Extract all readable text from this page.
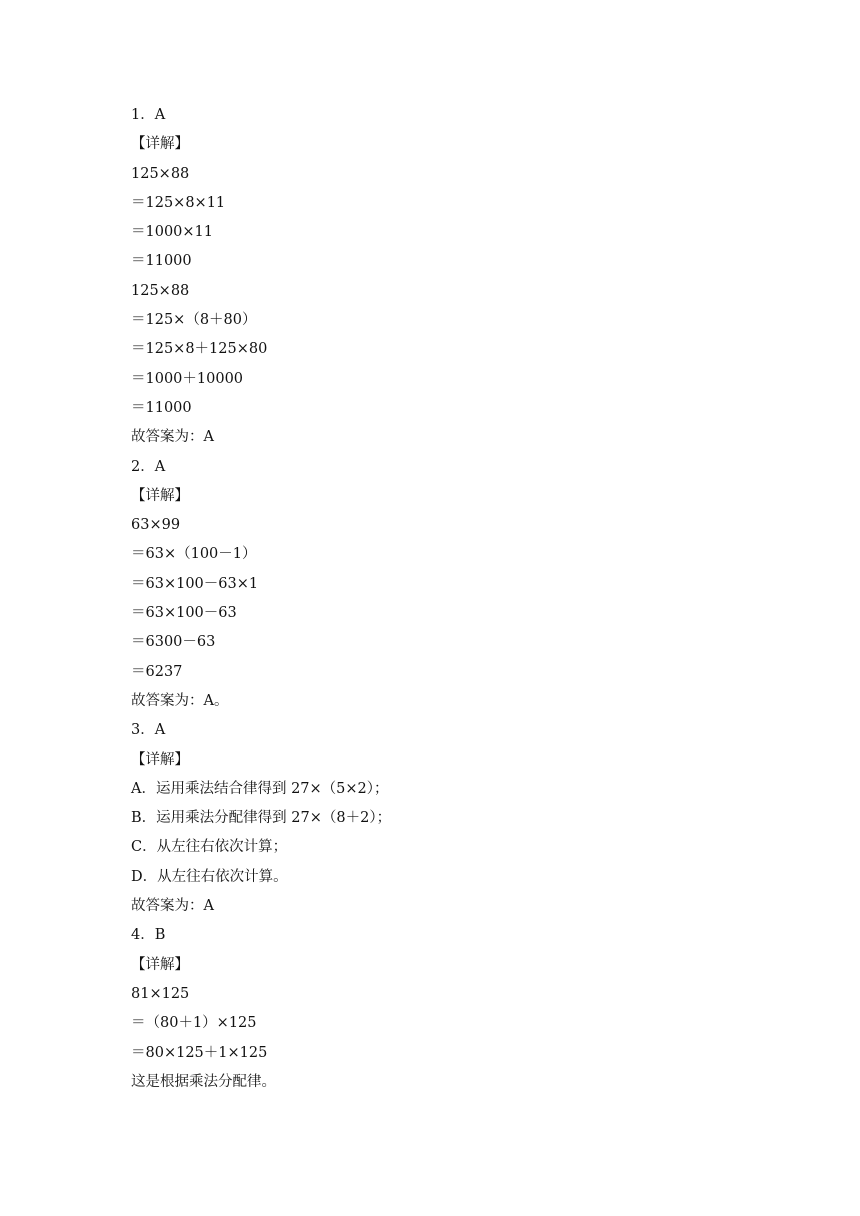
1．A
【详解】
125×88
＝125×8×11
＝1000×11
＝11000
125×88
＝125×（8＋80）
＝125×8＋125×80
＝1000＋10000
＝11000
故答案为：A
2．A
【详解】
63×99
＝63×（100－1）
＝63×100－63×1
＝63×100－63
＝6300－63
＝6237
故答案为：A。
3．A
【详解】
A．运用乘法结合律得到 27×（5×2）；
B．运用乘法分配律得到 27×（8＋2）；
C．从左往右依次计算；
D．从左往右依次计算。
故答案为：A
4．B
【详解】
81×125
＝（80＋1）×125
＝80×125＋1×125
这是根据乘法分配律。
